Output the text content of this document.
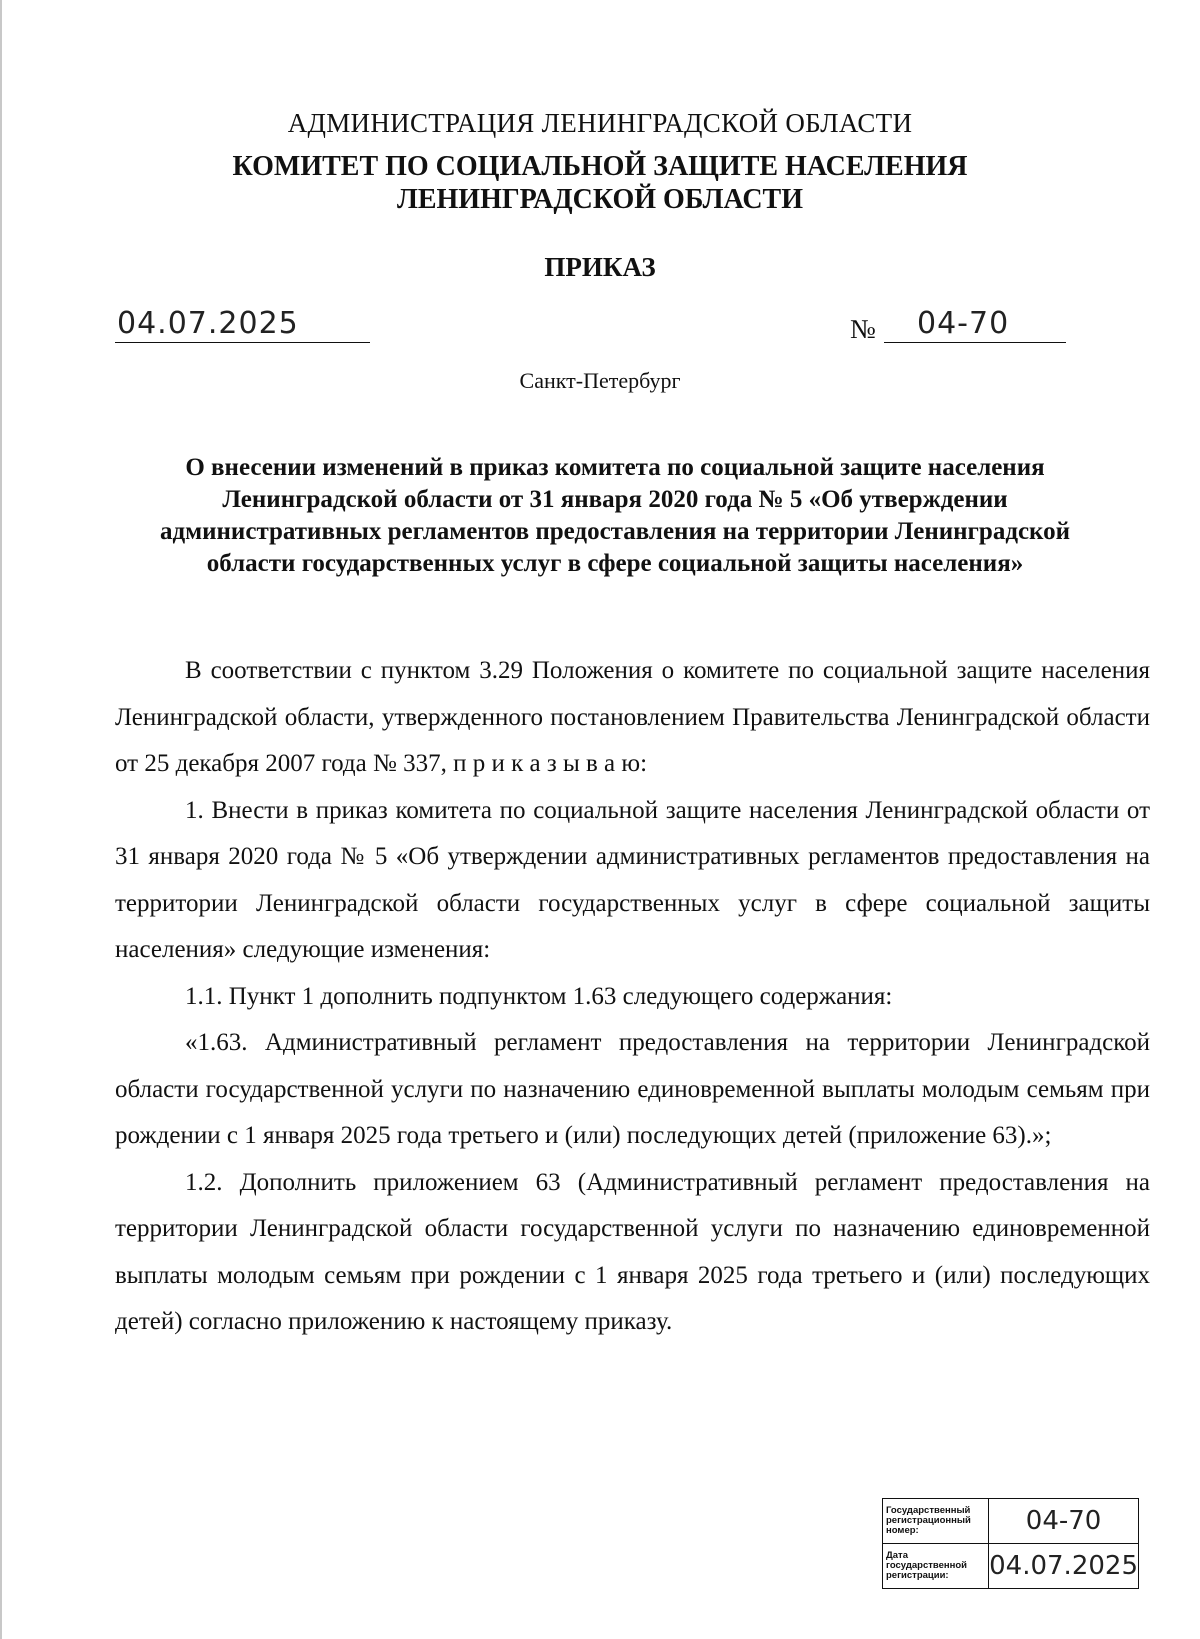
АДМИНИСТРАЦИЯ ЛЕНИНГРАДСКОЙ ОБЛАСТИ
КОМИТЕТ ПО СОЦИАЛЬНОЙ ЗАЩИТЕ НАСЕЛЕНИЯ
ЛЕНИНГРАДСКОЙ ОБЛАСТИ
ПРИКАЗ
04.07.2025	№ 04-70
Санкт-Петербург
О внесении изменений в приказ комитета по социальной защите населения Ленинградской области от 31 января 2020 года № 5 «Об утверждении административных регламентов предоставления на территории Ленинградской области государственных услуг в сфере социальной защиты населения»

В соответствии с пунктом 3.29 Положения о комитете по социальной защите населения Ленинградской области, утвержденного постановлением Правительства Ленинградской области от 25 декабря 2007 года № 337, п р и к а з ы в а ю:

1. Внести в приказ комитета по социальной защите населения Ленинградской области от 31 января 2020 года № 5 «Об утверждении административных регламентов предоставления на территории Ленинградской области государственных услуг в сфере социальной защиты населения» следующие изменения:

1.1. Пункт 1 дополнить подпунктом 1.63 следующего содержания:

«1.63. Административный регламент предоставления на территории Ленинградской области государственной услуги по назначению единовременной выплаты молодым семьям при рождении с 1 января 2025 года третьего и (или) последующих детей (приложение 63).»;

1.2. Дополнить приложением 63 (Административный регламент предоставления на территории Ленинградской области государственной услуги по назначению единовременной выплаты молодым семьям при рождении с 1 января 2025 года третьего и (или) последующих детей) согласно приложению к настоящему приказу.

Государственный регистрационный номер:	04-70
Дата государственной регистрации:	04.07.2025
